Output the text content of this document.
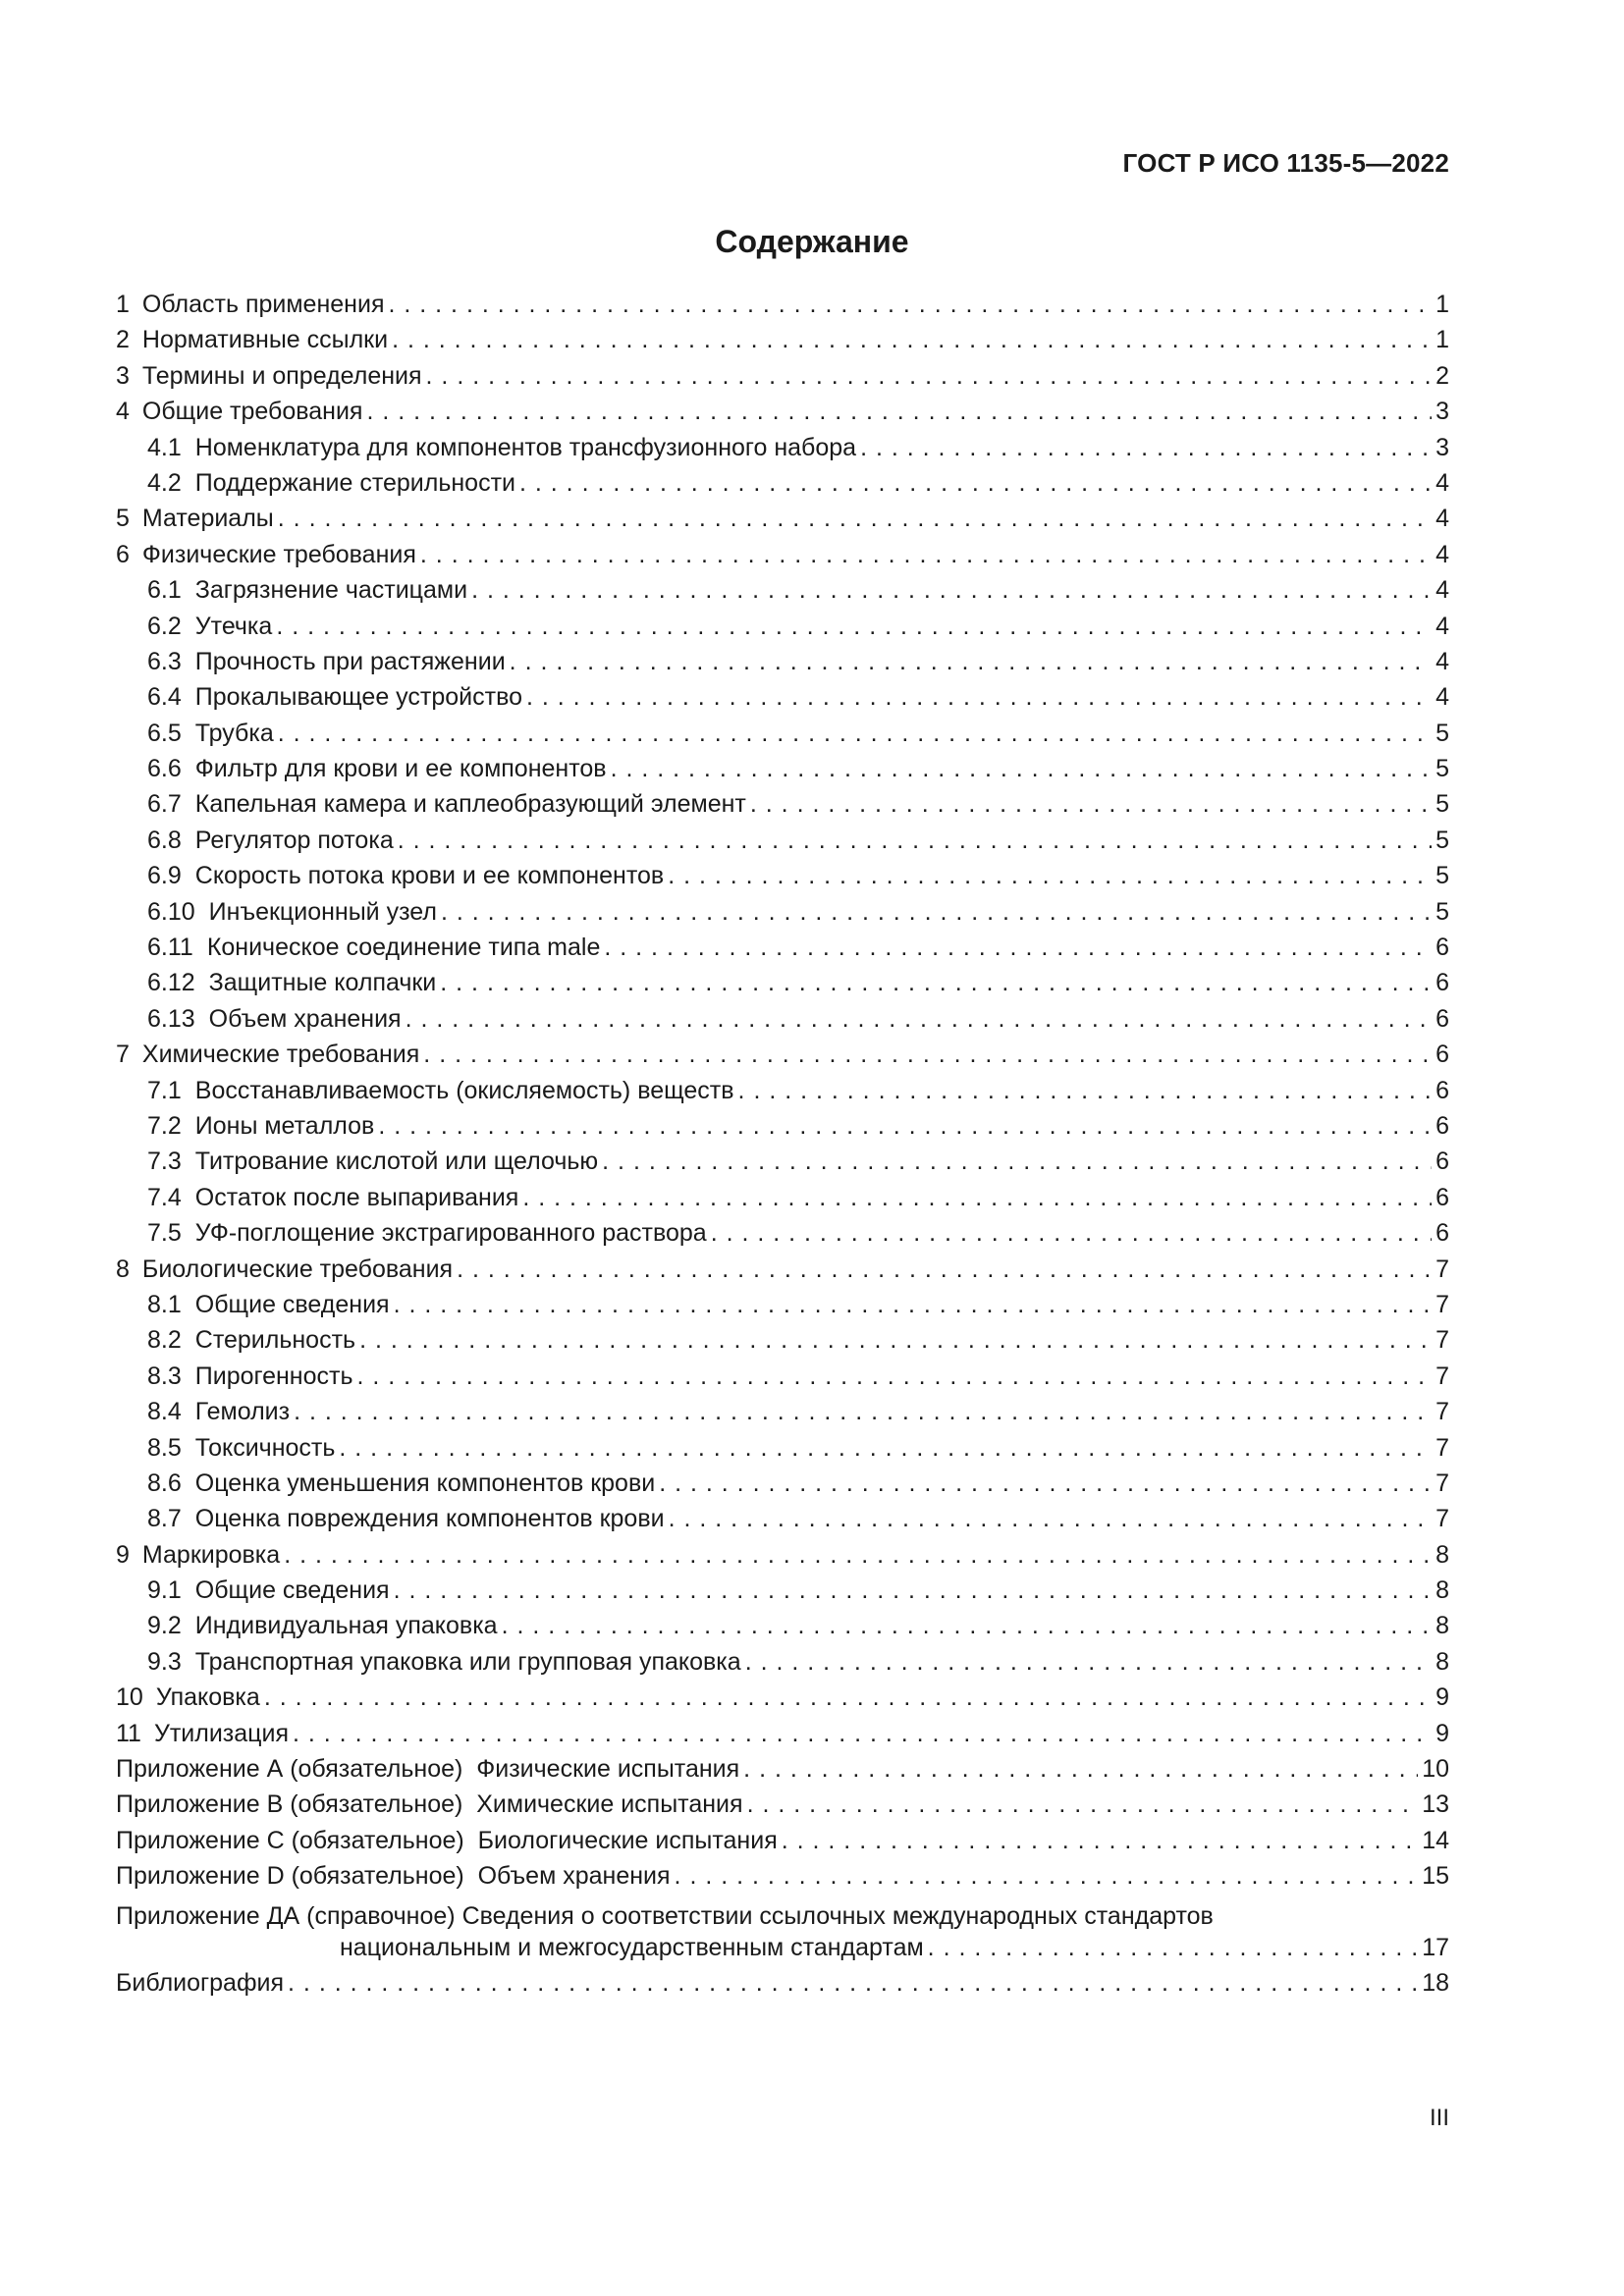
ГОСТ Р ИСО 1135-5—2022
Содержание
1 Область применения . . .	1
2 Нормативные ссылки . . .	1
3 Термины и определения . . .	2
4 Общие требования . . .	3
4.1 Номенклатура для компонентов трансфузионного набора . . .	3
4.2 Поддержание стерильности . . .	4
5 Материалы . . .	4
6 Физические требования . . .	4
6.1 Загрязнение частицами . . .	4
6.2 Утечка . . .	4
6.3 Прочность при растяжении . . .	4
6.4 Прокалывающее устройство . . .	4
6.5 Трубка . . .	5
6.6 Фильтр для крови и ее компонентов . . .	5
6.7 Капельная камера и каплеобразующий элемент . . .	5
6.8 Регулятор потока . . .	5
6.9 Скорость потока крови и ее компонентов . . .	5
6.10 Инъекционный узел . . .	5
6.11 Коническое соединение типа male . . .	6
6.12 Защитные колпачки . . .	6
6.13 Объем хранения . . .	6
7 Химические требования . . .	6
7.1 Восстанавливаемость (окисляемость) веществ . . .	6
7.2 Ионы металлов . . .	6
7.3 Титрование кислотой или щелочью . . .	6
7.4 Остаток после выпаривания . . .	6
7.5 УФ-поглощение экстрагированного раствора . . .	6
8 Биологические требования . . .	7
8.1 Общие сведения . . .	7
8.2 Стерильность . . .	7
8.3 Пирогенность . . .	7
8.4 Гемолиз . . .	7
8.5 Токсичность . . .	7
8.6 Оценка уменьшения компонентов крови . . .	7
8.7 Оценка повреждения компонентов крови . . .	7
9 Маркировка . . .	8
9.1 Общие сведения . . .	8
9.2 Индивидуальная упаковка . . .	8
9.3 Транспортная упаковка или групповая упаковка . . .	8
10 Упаковка . . .	9
11 Утилизация . . .	9
Приложение А (обязательное)  Физические испытания . . .	10
Приложение В (обязательное)  Химические испытания . . .	13
Приложение С (обязательное)  Биологические испытания . . .	14
Приложение D (обязательное)  Объем хранения . . .	15
Приложение ДА (справочное) Сведения о соответствии ссылочных международных стандартов
национальным и межгосударственным стандартам . . .	17
Библиография . . .	18
III
